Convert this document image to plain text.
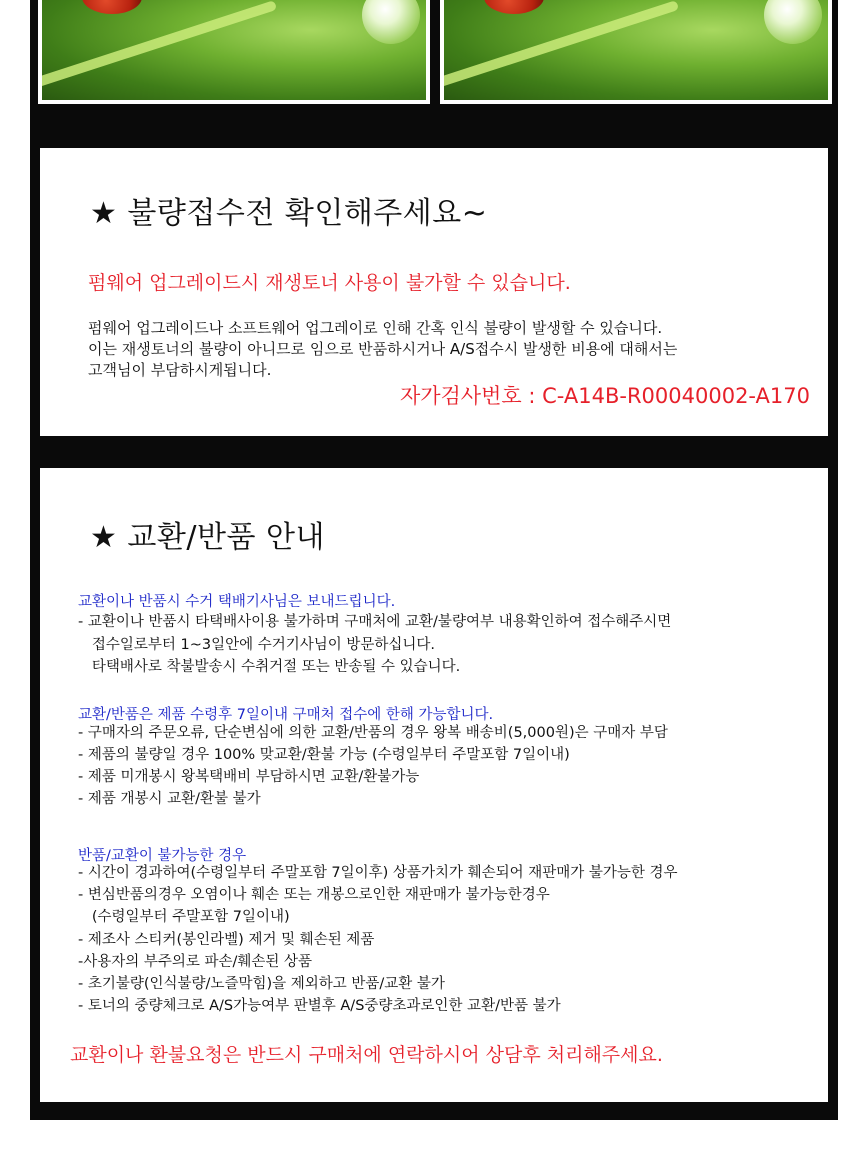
★ 불량접수전 확인해주세요~
펌웨어 업그레이드시 재생토너 사용이 불가할 수 있습니다.
펌웨어 업그레이드나 소프트웨어 업그레이로 인해 간혹 인식 불량이 발생할 수 있습니다.
이는 재생토너의 불량이 아니므로 임으로 반품하시거나 A/S접수시 발생한 비용에 대해서는
고객님이 부담하시게됩니다.
자가검사번호 : C-A14B-R00040002-A170
★ 교환/반품 안내
교환이나 반품시 수거 택배기사님은 보내드립니다.
- 교환이나 반품시 타택배사이용 불가하며 구매처에 교환/불량여부 내용확인하여 접수해주시면
접수일로부터 1~3일안에 수거기사님이 방문하십니다.
타택배사로 착불발송시 수취거절 또는 반송될 수 있습니다.
교환/반품은 제품 수령후 7일이내 구매처 접수에 한해 가능합니다.
- 구매자의 주문오류, 단순변심에 의한 교환/반품의 경우 왕복 배송비(5,000원)은 구매자 부담
- 제품의 불량일 경우 100% 맞교환/환불 가능 (수령일부터 주말포함 7일이내)
- 제품 미개봉시 왕복택배비 부담하시면 교환/환불가능
- 제품 개봉시 교환/환불 불가
반품/교환이 불가능한 경우
- 시간이 경과하여(수령일부터 주말포함 7일이후) 상품가치가 훼손되어 재판매가 불가능한 경우
- 변심반품의경우 오염이나 훼손 또는 개봉으로인한 재판매가 불가능한경우
(수령일부터 주말포함 7일이내)
- 제조사 스티커(봉인라벨) 제거 및 훼손된 제품
-사용자의 부주의로 파손/훼손된 상품
- 초기불량(인식불량/노즐막힘)을 제외하고 반품/교환 불가
- 토너의 중량체크로 A/S가능여부 판별후 A/S중량초과로인한 교환/반품 불가
교환이나 환불요청은 반드시 구매처에 연락하시어 상담후 처리해주세요.
